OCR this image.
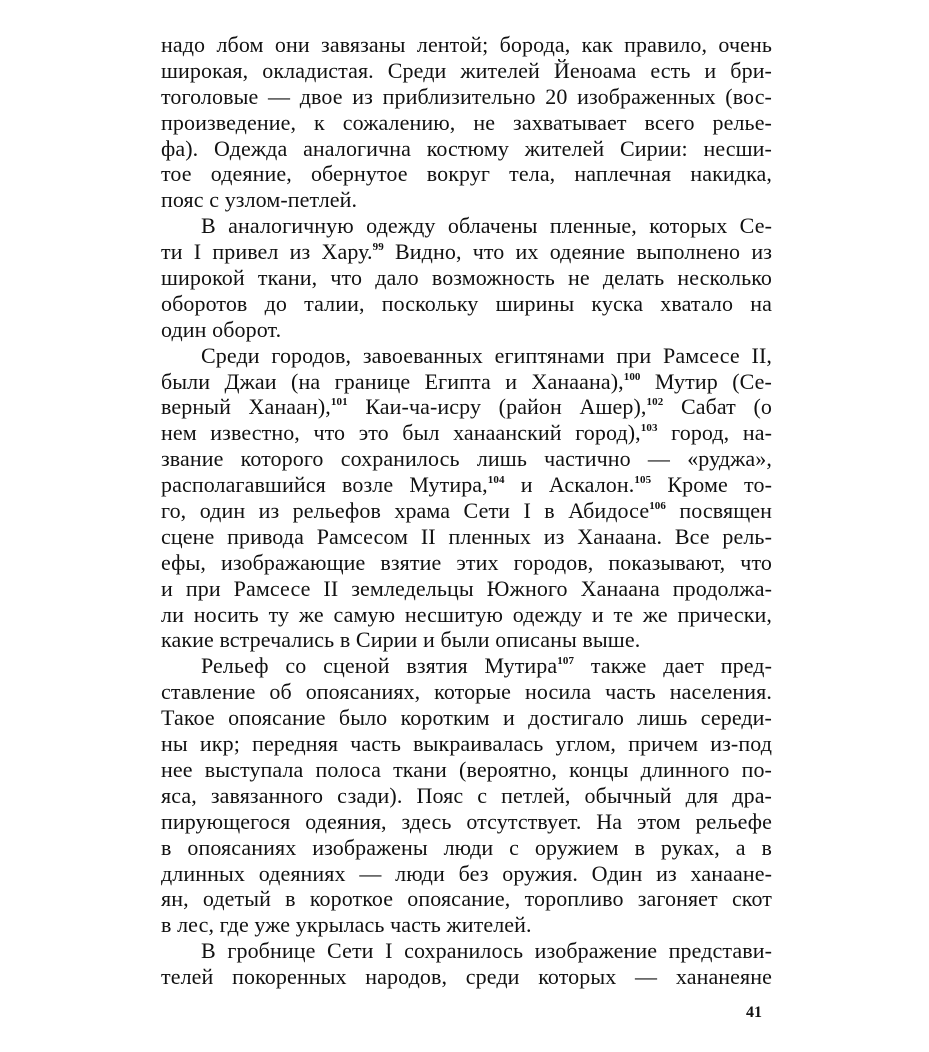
надо лбом они завязаны лентой; борода, как правило, очень
широкая, окладистая. Среди жителей Йеноама есть и бри-
тоголовые — двое из приблизительно 20 изображенных (вос-
произведение, к сожалению, не захватывает всего релье-
фа). Одежда аналогична костюму жителей Сирии: несши-
тое одеяние, обернутое вокруг тела, наплечная накидка,
пояс с узлом-петлей.
В аналогичную одежду облачены пленные, которых Се-
ти I привел из Хару.$^{99}$ Видно, что их одеяние выполнено из
широкой ткани, что дало возможность не делать несколько
оборотов до талии, поскольку ширины куска хватало на
один оборот.
Среди городов, завоеванных египтянами при Рамсесе II,
были Джаи (на границе Египта и Ханаана),$^{100}$ Мутир (Се-
верный Ханаан),$^{101}$ Каи-ча-исру (район Ашер),$^{102}$ Сабат (о
нем известно, что это был ханаанский город),$^{103}$ город, на-
звание которого сохранилось лишь частично — «руджа»,
располагавшийся возле Мутира,$^{104}$ и Аскалон.$^{105}$ Кроме то-
го, один из рельефов храма Сети I в Абидосе$^{106}$ посвящен
сцене привода Рамсесом II пленных из Ханаана. Все рель-
ефы, изображающие взятие этих городов, показывают, что
и при Рамсесе II земледельцы Южного Ханаана продолжа-
ли носить ту же самую несшитую одежду и те же прически,
какие встречались в Сирии и были описаны выше.
Рельеф со сценой взятия Мутира$^{107}$ также дает пред-
ставление об опоясаниях, которые носила часть населения.
Такое опоясание было коротким и достигало лишь середи-
ны икр; передняя часть выкраивалась углом, причем из-под
нее выступала полоса ткани (вероятно, концы длинного по-
яса, завязанного сзади). Пояс с петлей, обычный для дра-
пирующегося одеяния, здесь отсутствует. На этом рельефе
в опоясаниях изображены люди с оружием в руках, а в
длинных одеяниях — люди без оружия. Один из ханаане-
ян, одетый в короткое опоясание, торопливо загоняет скот
в лес, где уже укрылась часть жителей.
В гробнице Сети I сохранилось изображение представи-
телей покоренных народов, среди которых — хананеяне
41
